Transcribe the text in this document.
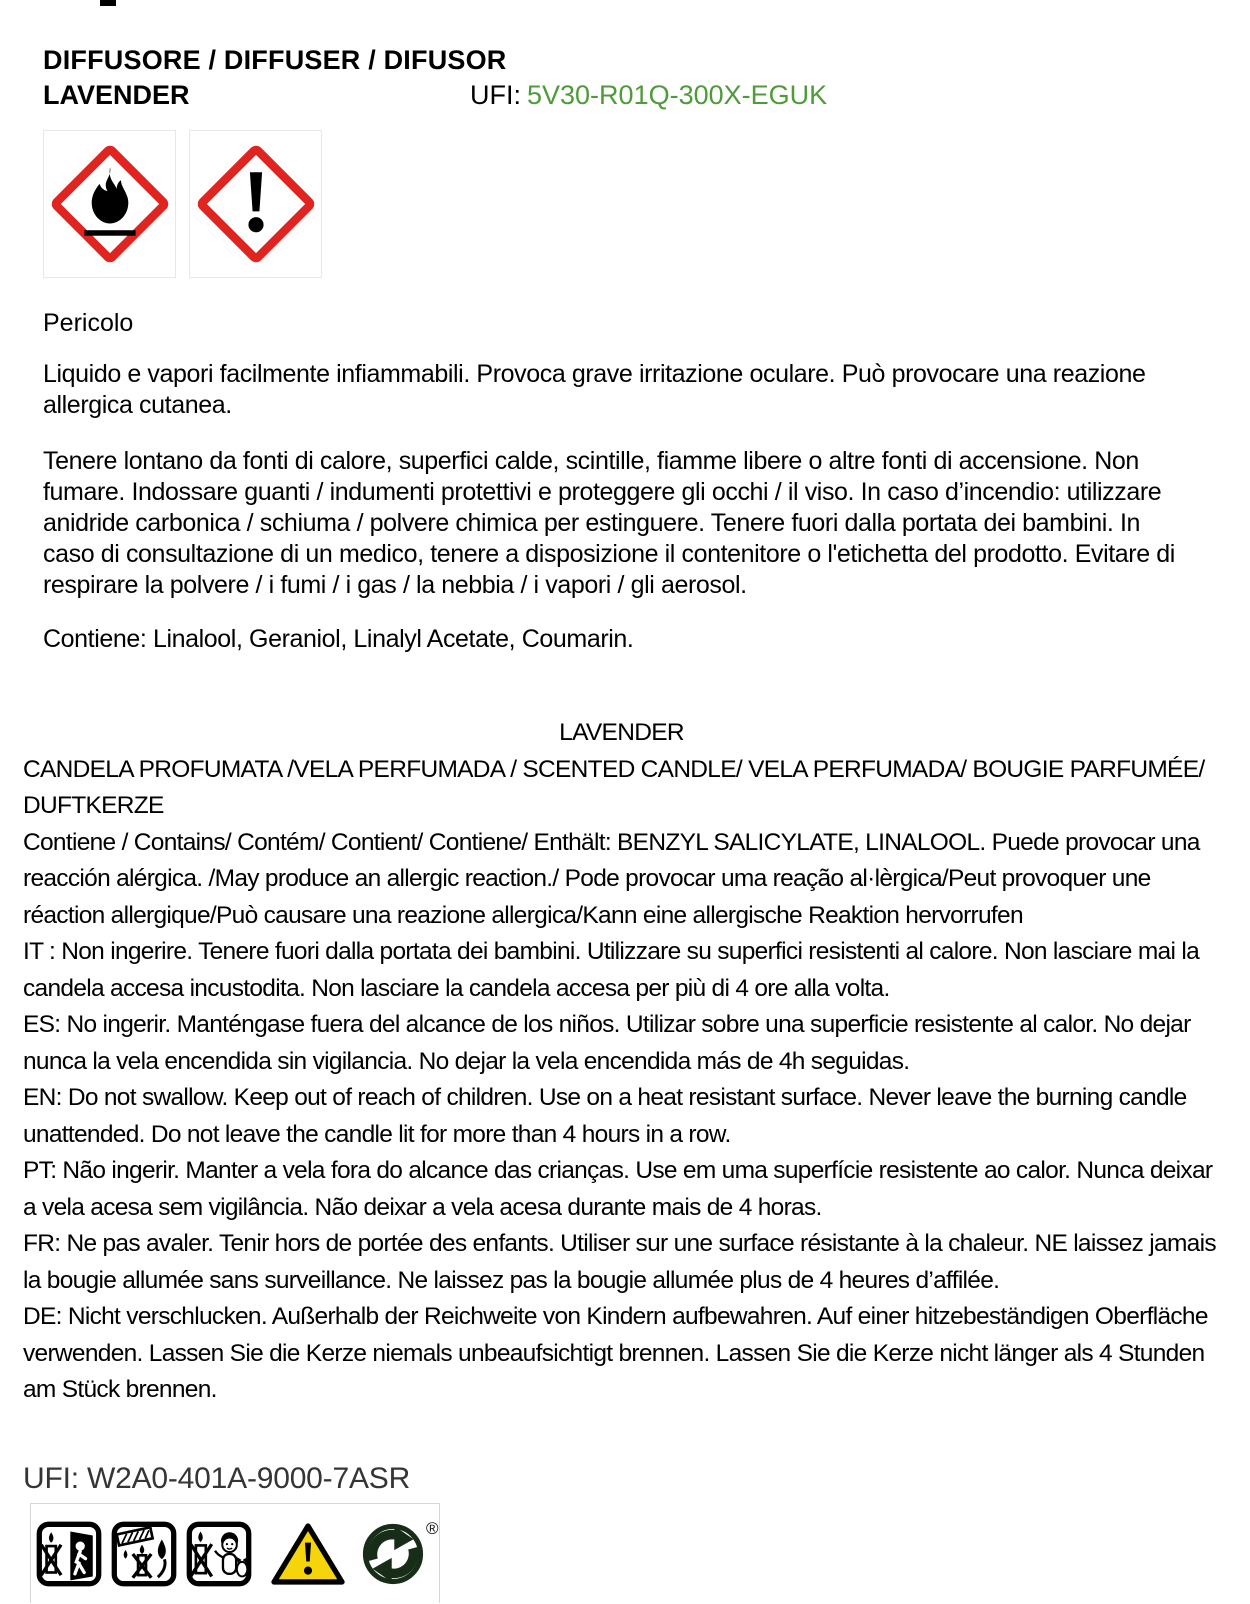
DIFFUSORE / DIFFUSER / DIFUSOR
LAVENDER	UFI: 5V30-R01Q-300X-EGUK
Pericolo

Liquido e vapori facilmente infiammabili. Provoca grave irritazione oculare. Può provocare una reazione allergica cutanea.

Tenere lontano da fonti di calore, superfici calde, scintille, fiamme libere o altre fonti di accensione. Non fumare. Indossare guanti / indumenti protettivi e proteggere gli occhi / il viso. In caso d’incendio: utilizzare anidride carbonica / schiuma / polvere chimica per estinguere. Tenere fuori dalla portata dei bambini. In caso di consultazione di un medico, tenere a disposizione il contenitore o l'etichetta del prodotto. Evitare di respirare la polvere / i fumi / i gas / la nebbia / i vapori / gli aerosol.

Contiene: Linalool, Geraniol, Linalyl Acetate, Coumarin.

LAVENDER

CANDELA PROFUMATA /VELA PERFUMADA / SCENTED CANDLE/ VELA PERFUMADA/ BOUGIE PARFUMÉE/ DUFTKERZE

Contiene / Contains/ Contém/ Contient/ Contiene/ Enthält: BENZYL SALICYLATE, LINALOOL. Puede provocar una reacción alérgica. /May produce an allergic reaction./ Pode provocar uma reação al·lèrgica/Peut provoquer une réaction allergique/Può causare una reazione allergica/Kann eine allergische Reaktion hervorrufen

IT : Non ingerire. Tenere fuori dalla portata dei bambini. Utilizzare su superfici resistenti al calore. Non lasciare mai la candela accesa incustodita. Non lasciare la candela accesa per più di 4 ore alla volta.

ES: No ingerir. Manténgase fuera del alcance de los niños. Utilizar sobre una superficie resistente al calor. No dejar nunca la vela encendida sin vigilancia. No dejar la vela encendida más de 4h seguidas.

EN: Do not swallow. Keep out of reach of children. Use on a heat resistant surface. Never leave the burning candle unattended. Do not leave the candle lit for more than 4 hours in a row.

PT: Não ingerir. Manter a vela fora do alcance das crianças. Use em uma superfície resistente ao calor. Nunca deixar a vela acesa sem vigilância. Não deixar a vela acesa durante mais de 4 horas.

FR: Ne pas avaler. Tenir hors de portée des enfants. Utiliser sur une surface résistante à la chaleur. NE laissez jamais la bougie allumée sans surveillance. Ne laissez pas la bougie allumée plus de 4 heures d’affilée.

DE: Nicht verschlucken. Außerhalb der Reichweite von Kindern aufbewahren. Auf einer hitzebeständigen Oberfläche verwenden. Lassen Sie die Kerze niemals unbeaufsichtigt brennen. Lassen Sie die Kerze nicht länger als 4 Stunden am Stück brennen.

UFI: W2A0-401A-9000-7ASR
®
